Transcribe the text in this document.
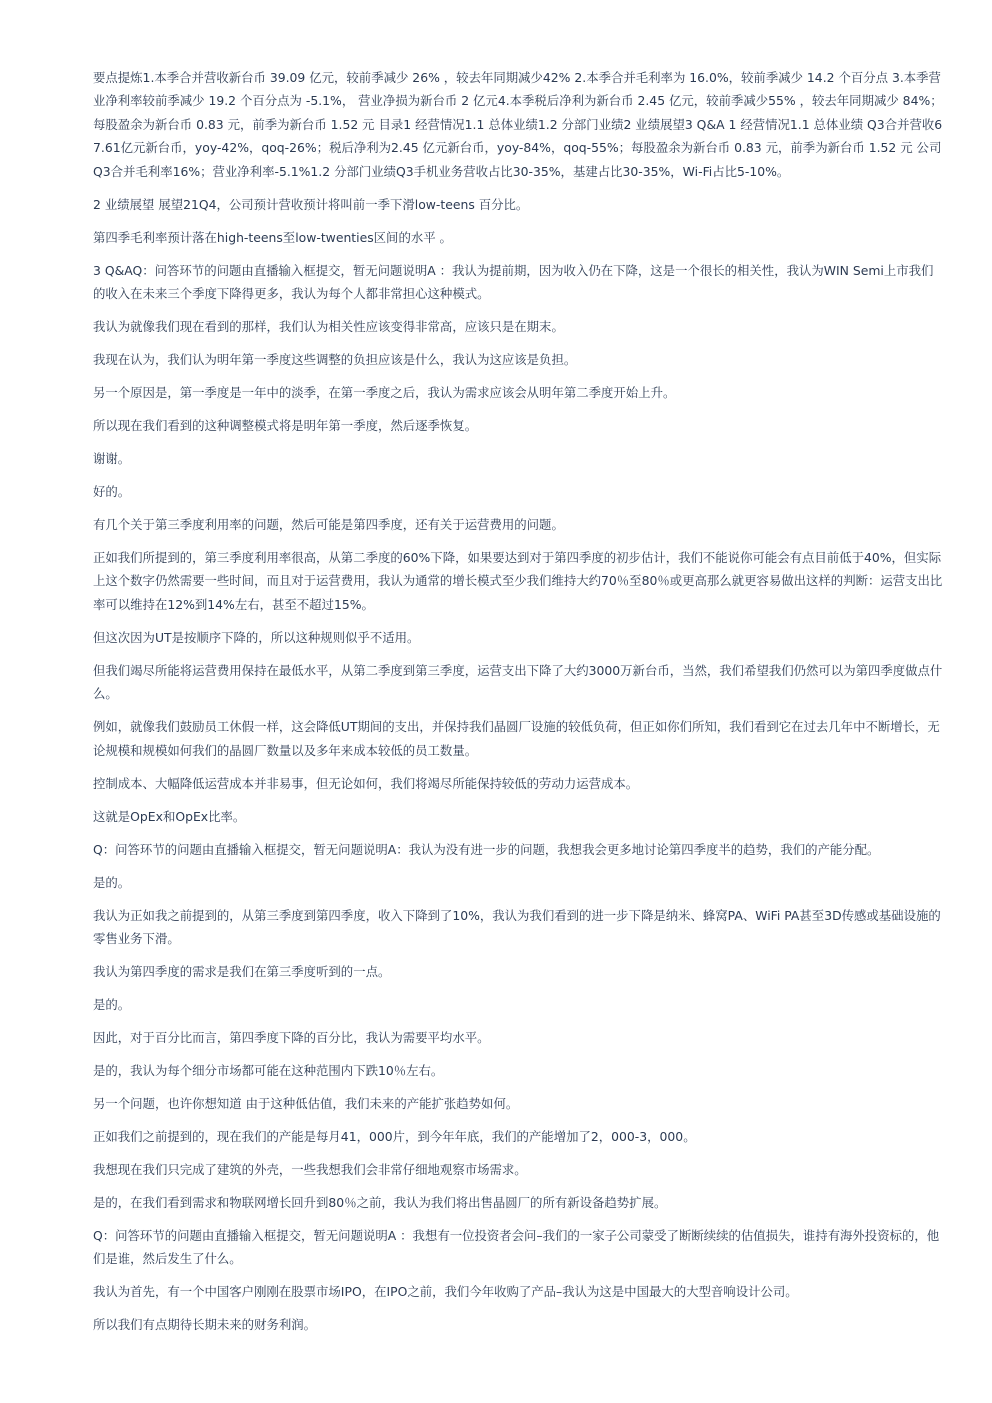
要点提炼1.本季合并营收新台币 39.09 亿元，较前季减少 26% ，较去年同期减少42% 2.本季合并毛利率为 16.0%，较前季减少 14.2 个百分点 3.本季营业净利率较前季减少 19.2 个百分点为 -5.1%， 营业净损为新台币 2 亿元4.本季税后净利为新台币 2.45 亿元，较前季减少55% ，较去年同期减少 84%； 每股盈余为新台币 0.83 元，前季为新台币 1.52 元 目录1 经营情况1.1 总体业绩1.2 分部门业绩2 业绩展望3 Q&A 1 经营情况1.1 总体业绩 Q3合并营收67.61亿元新台币，yoy-42%，qoq-26%；税后净利为2.45 亿元新台币，yoy-84%，qoq-55%；每股盈余为新台币 0.83 元，前季为新台币 1.52 元 公司Q3合并毛利率16%；营业净利率-5.1%1.2 分部门业绩Q3手机业务营收占比30-35%，基建占比30-35%，Wi-Fi占比5-10%。

2 业绩展望 展望21Q4，公司预计营收预计将叫前一季下滑low-teens 百分比。

第四季毛利率预计落在high-teens至low-twenties区间的水平 。

3 Q&AQ：问答环节的问题由直播输入框提交，暂无问题说明A ：我认为提前期，因为收入仍在下降，这是一个很长的相关性，我认为WIN Semi上市我们的收入在未来三个季度下降得更多，我认为每个人都非常担心这种模式。

我认为就像我们现在看到的那样，我们认为相关性应该变得非常高，应该只是在期末。

我现在认为，我们认为明年第一季度这些调整的负担应该是什么，我认为这应该是负担。

另一个原因是，第一季度是一年中的淡季，在第一季度之后，我认为需求应该会从明年第二季度开始上升。

所以现在我们看到的这种调整模式将是明年第一季度，然后逐季恢复。

谢谢。

好的。

有几个关于第三季度利用率的问题，然后可能是第四季度，还有关于运营费用的问题。

正如我们所提到的，第三季度利用率很高，从第二季度的60%下降，如果要达到对于第四季度的初步估计，我们不能说你可能会有点目前低于40%，但实际上这个数字仍然需要一些时间，而且对于运营费用，我认为通常的增长模式至少我们维持大约70％至80％或更高那么就更容易做出这样的判断：运营支出比率可以维持在12%到14%左右，甚至不超过15%。

但这次因为UT是按顺序下降的，所以这种规则似乎不适用。

但我们竭尽所能将运营费用保持在最低水平，从第二季度到第三季度，运营支出下降了大约3000万新台币，当然，我们希望我们仍然可以为第四季度做点什么。

例如，就像我们鼓励员工休假一样，这会降低UT期间的支出，并保持我们晶圆厂设施的较低负荷，但正如你们所知，我们看到它在过去几年中不断增长，无论规模和规模如何我们的晶圆厂数量以及多年来成本较低的员工数量。

控制成本、大幅降低运营成本并非易事，但无论如何，我们将竭尽所能保持较低的劳动力运营成本。

这就是OpEx和OpEx比率。

Q：问答环节的问题由直播输入框提交，暂无问题说明A：我认为没有进一步的问题，我想我会更多地讨论第四季度半的趋势，我们的产能分配。

是的。

我认为正如我之前提到的，从第三季度到第四季度，收入下降到了10%，我认为我们看到的进一步下降是纳米、蜂窝PA、WiFi PA甚至3D传感或基础设施的零售业务下滑。

我认为第四季度的需求是我们在第三季度听到的一点。

是的。

因此，对于百分比而言，第四季度下降的百分比，我认为需要平均水平。

是的，我认为每个细分市场都可能在这种范围内下跌10％左右。

另一个问题，也许你想知道 由于这种低估值，我们未来的产能扩张趋势如何。

正如我们之前提到的，现在我们的产能是每月41，000片，到今年年底，我们的产能增加了2，000-3，000。

我想现在我们只完成了建筑的外壳，一些我想我们会非常仔细地观察市场需求。

是的，在我们看到需求和物联网增长回升到80％之前，我认为我们将出售晶圆厂的所有新设备趋势扩展。

Q：问答环节的问题由直播输入框提交，暂无问题说明A ：我想有一位投资者会问–我们的一家子公司蒙受了断断续续的估值损失，谁持有海外投资标的，他们是谁，然后发生了什么。

我认为首先，有一个中国客户刚刚在股票市场IPO，在IPO之前，我们今年收购了产品–我认为这是中国最大的大型音响设计公司。

所以我们有点期待长期未来的财务利润。
